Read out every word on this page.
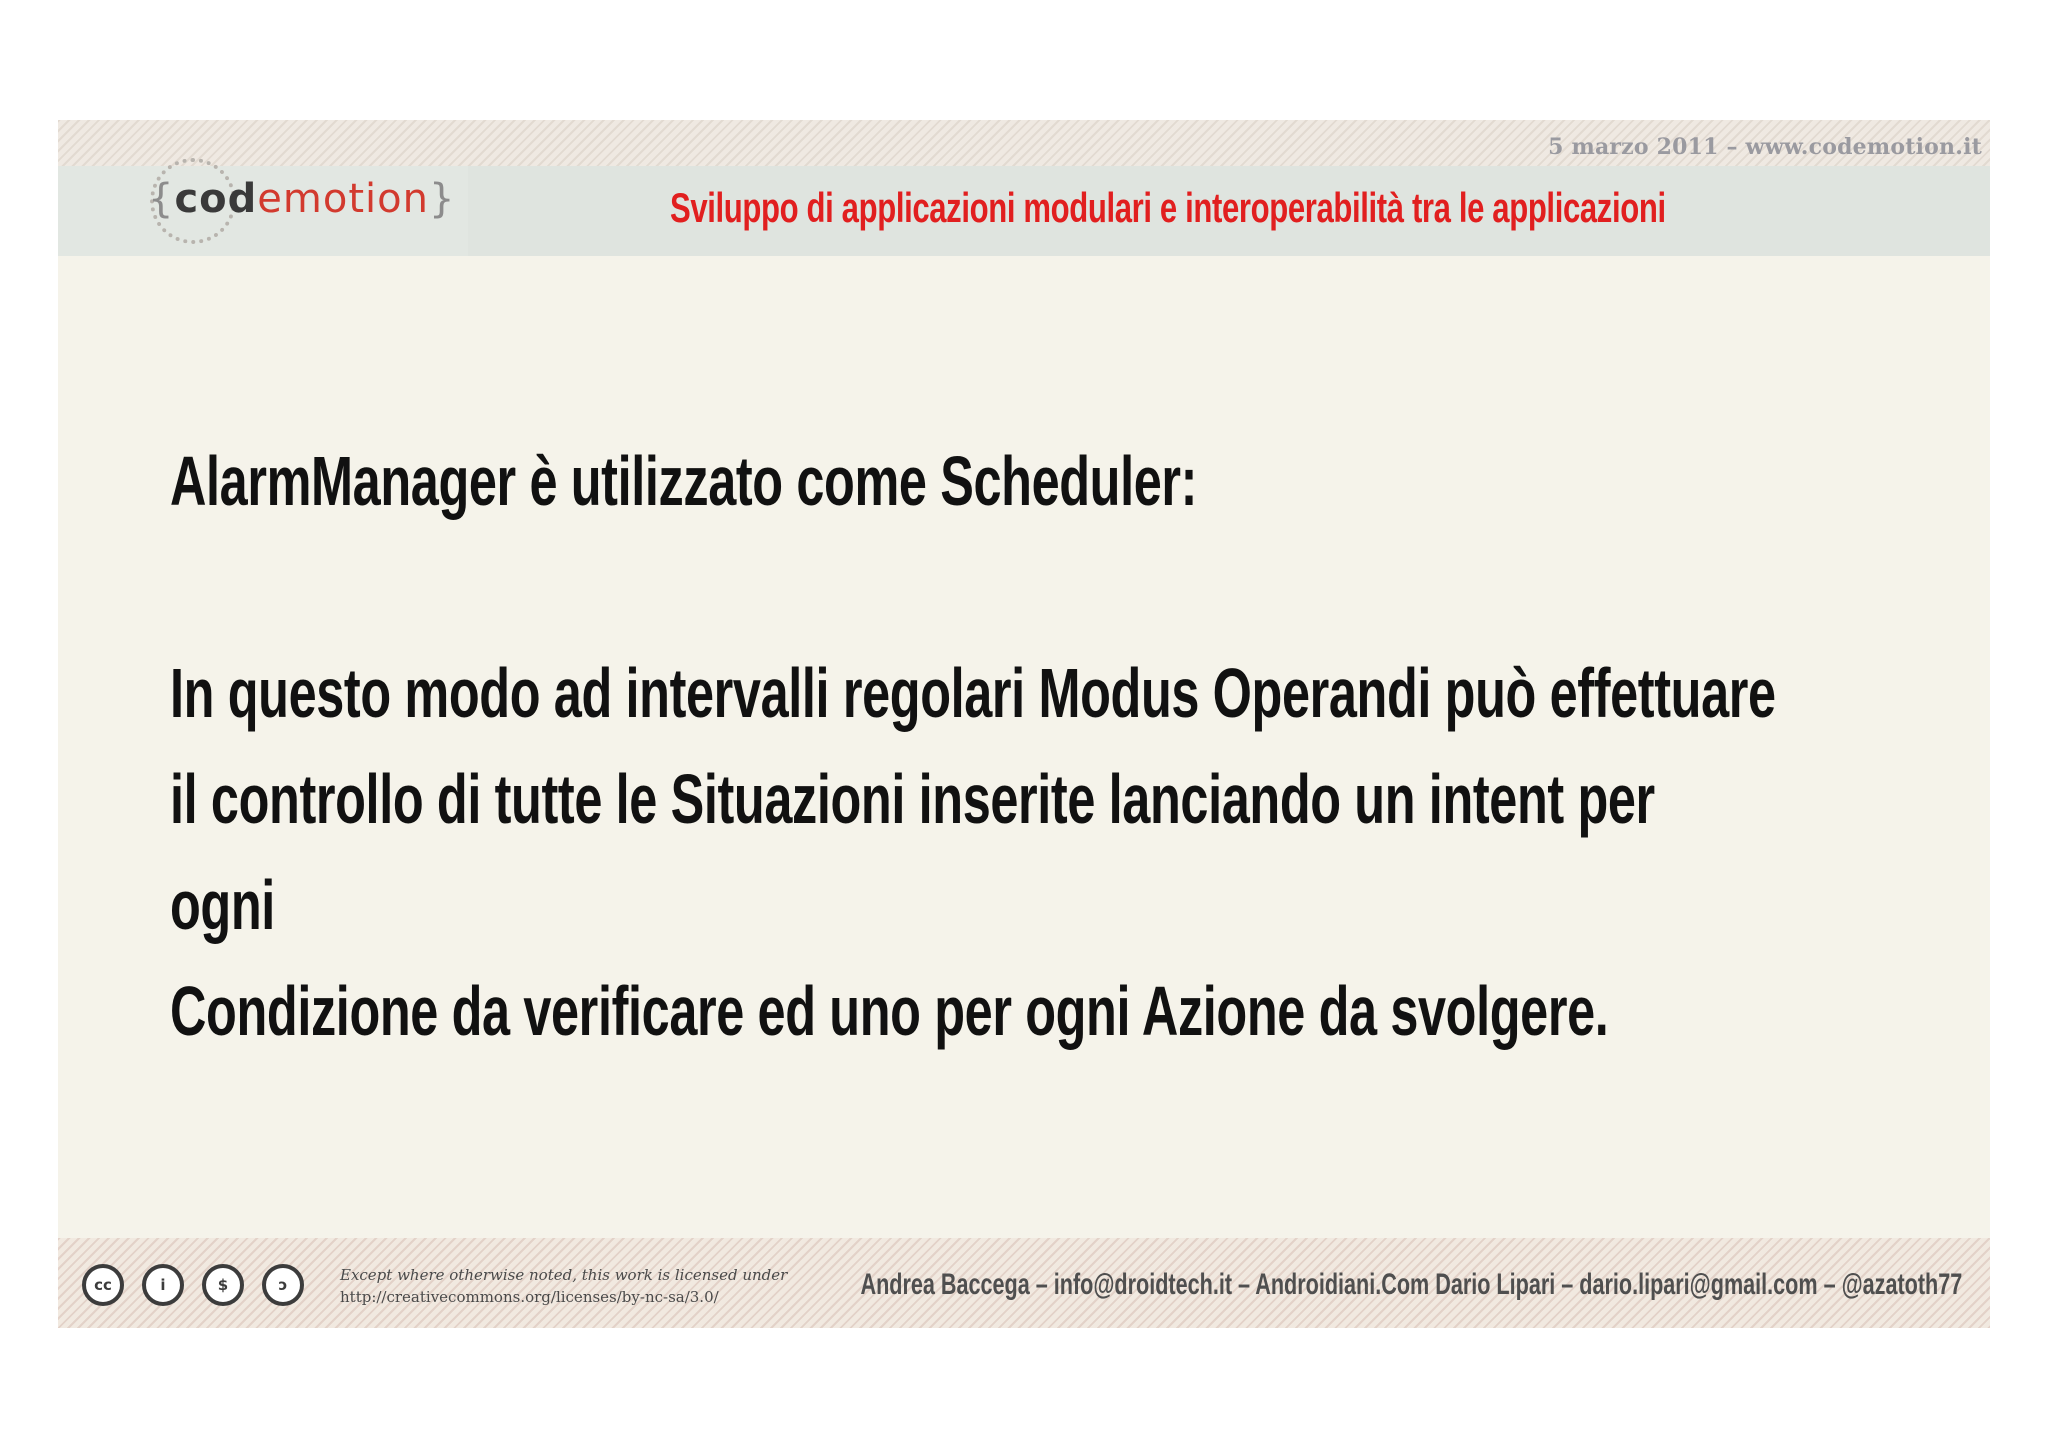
5 marzo 2011 – www.codemotion.it
{codemotion}	Sviluppo di applicazioni modulari e interoperabilità tra le applicazioni
AlarmManager è utilizzato come Scheduler:
In questo modo ad intervalli regolari Modus Operandi può effettuare
il controllo di tutte le Situazioni inserite lanciando un intent per
ogni
Condizione da verificare ed uno per ogni Azione da svolgere.
cc	i	$	ↄ
Except where otherwise noted, this work is licensed under
http://creativecommons.org/licenses/by-nc-sa/3.0/	Andrea Baccega – info@droidtech.it – Androidiani.Com Dario Lipari – dario.lipari@gmail.com – @azatoth77
